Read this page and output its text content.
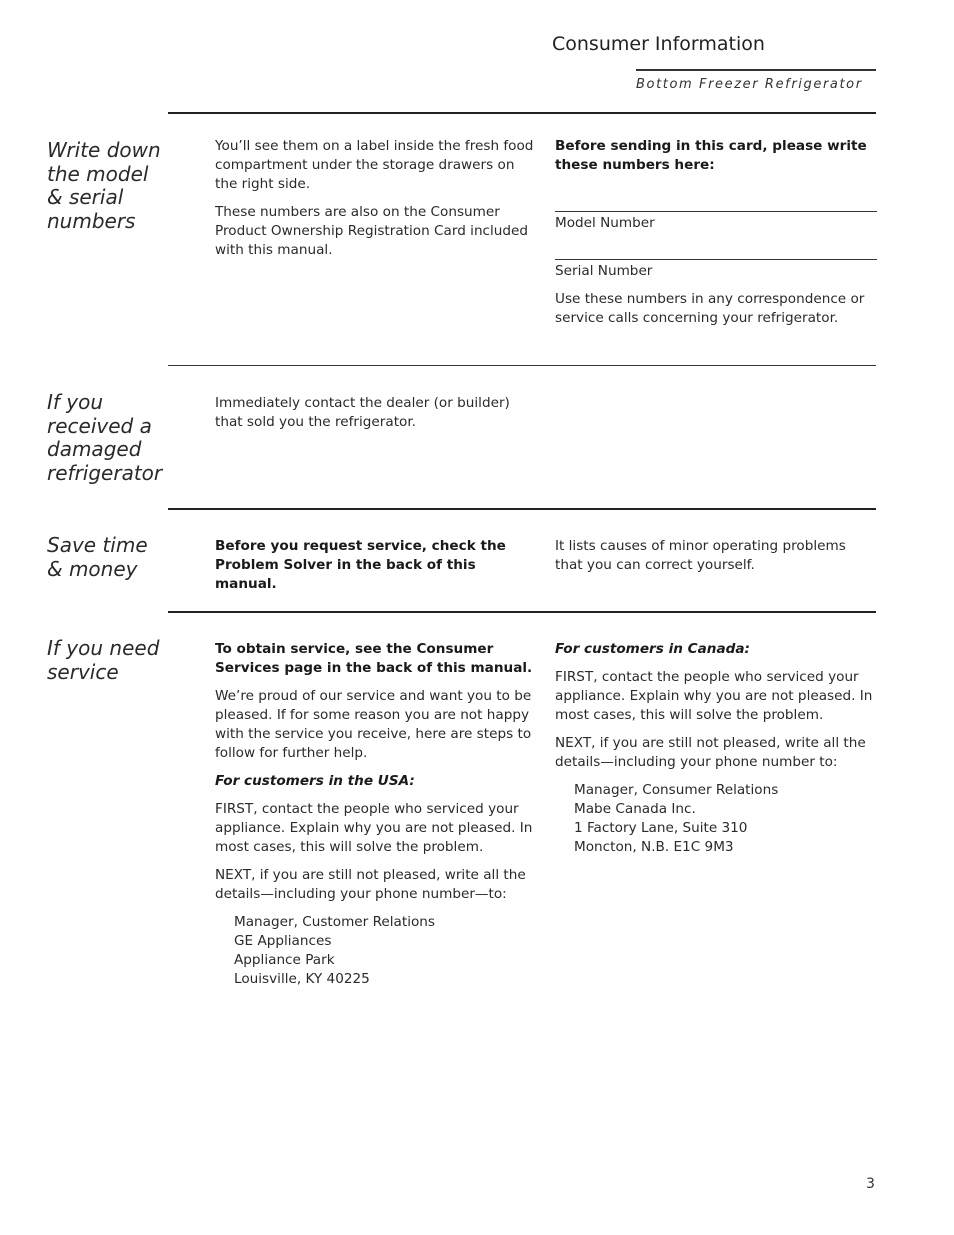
Consumer Information
Bottom Freezer Refrigerator
Write down the model & serial numbers

You’ll see them on a label inside the fresh food compartment under the storage drawers on the right side.

These numbers are also on the Consumer Product Ownership Registration Card included with this manual.

Before sending in this card, please write these numbers here:

Model Number

Serial Number

Use these numbers in any correspondence or service calls concerning your refrigerator.

If you received a damaged refrigerator

Immediately contact the dealer (or builder) that sold you the refrigerator.

Save time & money

Before you request service, check the Problem Solver in the back of this manual.

It lists causes of minor operating problems that you can correct yourself.

If you need service

To obtain service, see the Consumer Services page in the back of this manual.

We’re proud of our service and want you to be pleased. If for some reason you are not happy with the service you receive, here are steps to follow for further help.

For customers in the USA:

FIRST, contact the people who serviced your appliance. Explain why you are not pleased. In most cases, this will solve the problem.

NEXT, if you are still not pleased, write all the details—including your phone number—to:

Manager, Customer Relations
GE Appliances
Appliance Park
Louisville, KY 40225

For customers in Canada:

FIRST, contact the people who serviced your appliance. Explain why you are not pleased. In most cases, this will solve the problem.

NEXT, if you are still not pleased, write all the details—including your phone number to:

Manager, Consumer Relations
Mabe Canada Inc.
1 Factory Lane, Suite 310
Moncton, N.B. E1C 9M3
3
